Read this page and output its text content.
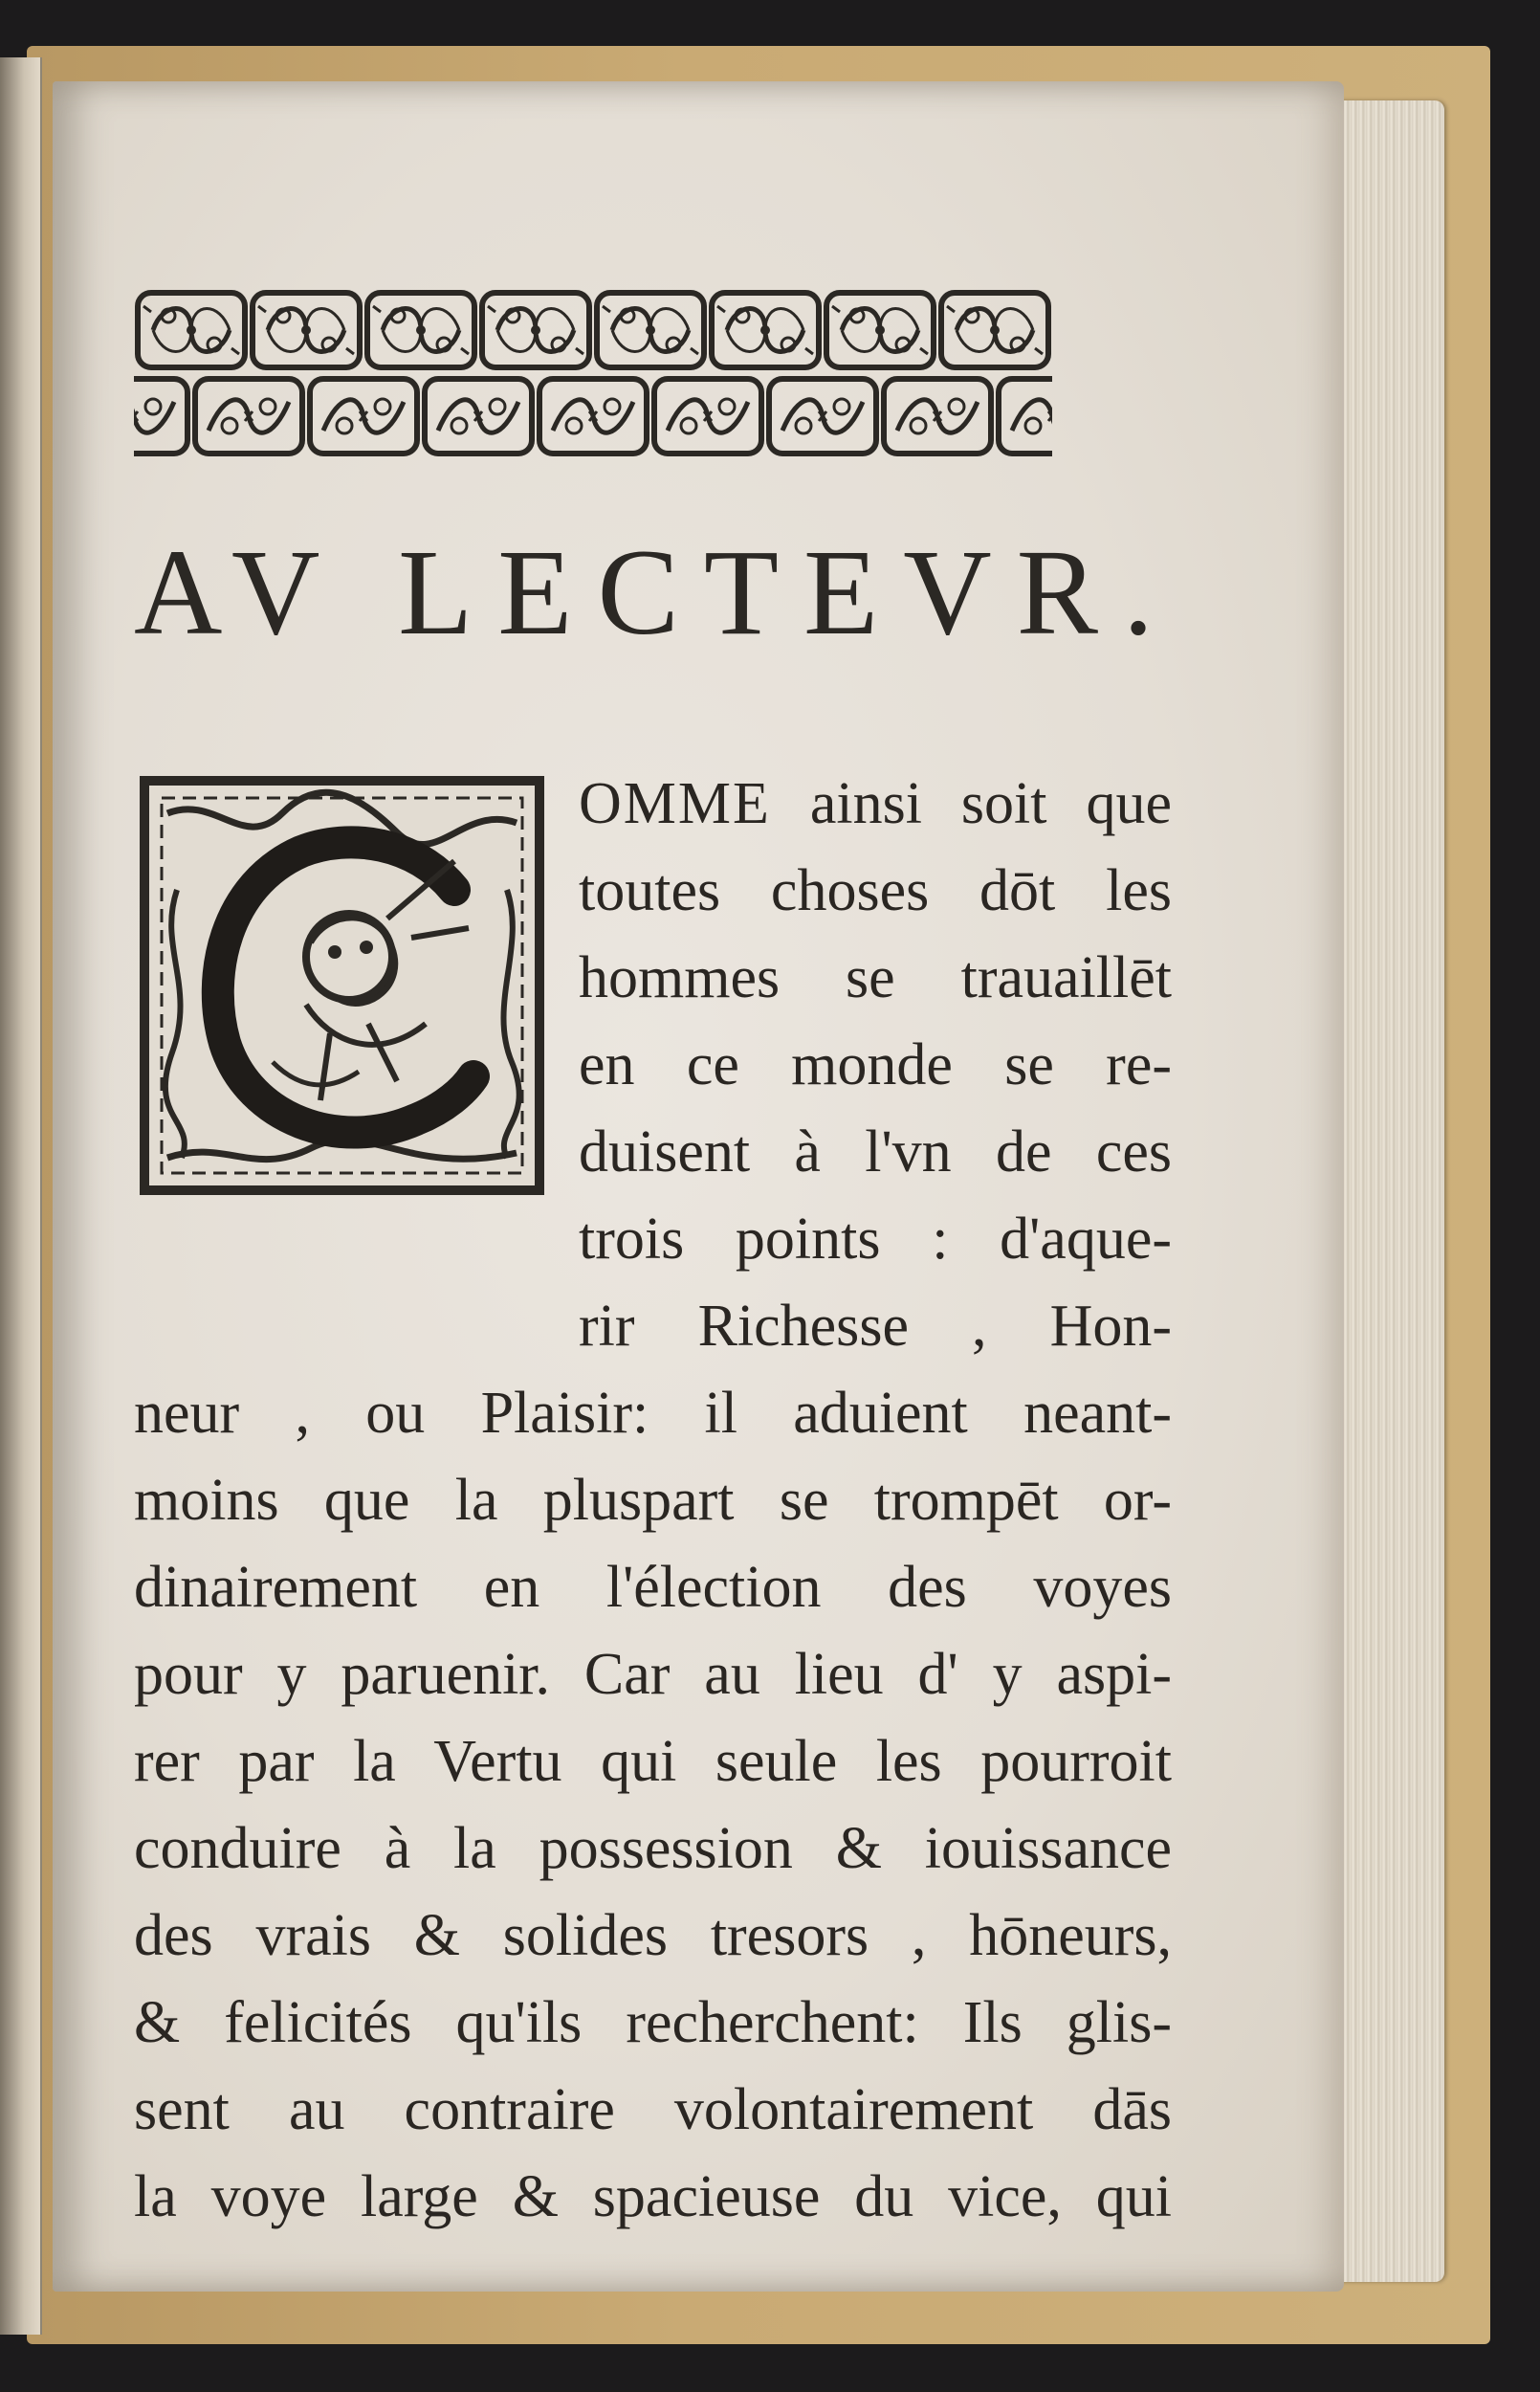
AV LECTEVR.
OMME ainsi soit que
toutes choses dōt les
hommes se trauaillēt
en ce monde se re-
duisent à l'vn de ces
trois points : d'aque-
rir Richesse , Hon-
neur , ou Plaisir: il aduient neant-
moins que la pluspart se trompēt or-
dinairement en l'élection des voyes
pour y paruenir. Car au lieu d' y aspi-
rer par la Vertu qui seule les pourroit
conduire à la possession & iouissance
des vrais & solides tresors , hōneurs,
& felicités qu'ils recherchent: Ils glis-
sent au contraire volontairement dās
la voye large & spacieuse du vice, qui
